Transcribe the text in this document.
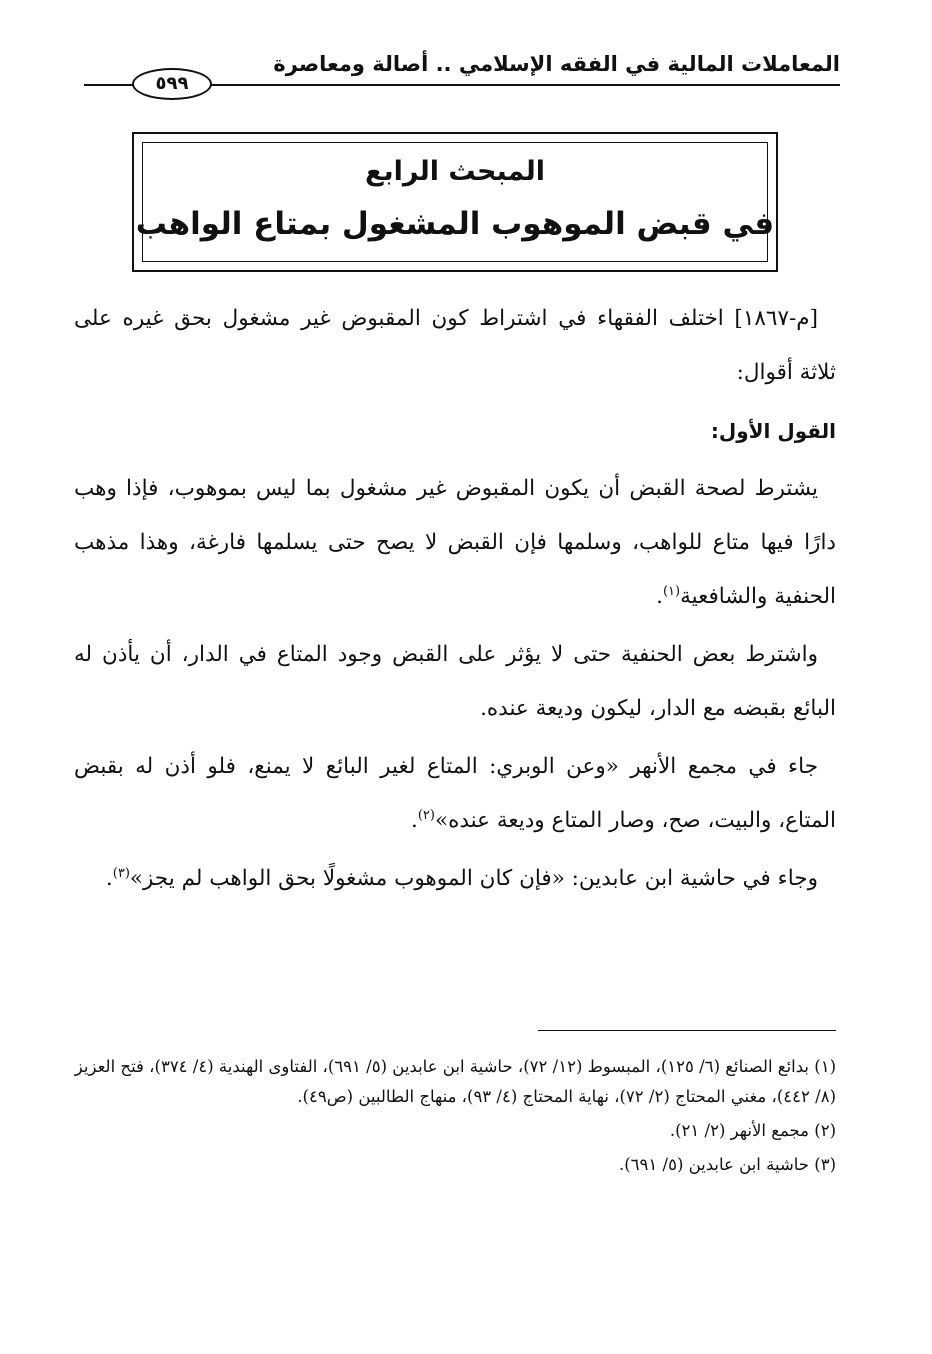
المعاملات المالية في الفقه الإسلامي .. أصالة ومعاصرة
٥٩٩
المبحث الرابع
في قبض الموهوب المشغول بمتاع الواهب

[م-١٨٦٧] اختلف الفقهاء في اشتراط كون المقبوض غير مشغول بحق غيره على ثلاثة أقوال:

القول الأول:

يشترط لصحة القبض أن يكون المقبوض غير مشغول بما ليس بموهوب، فإذا وهب دارًا فيها متاع للواهب، وسلمها فإن القبض لا يصح حتى يسلمها فارغة، وهذا مذهب الحنفية والشافعية$^{(١)}$.

واشترط بعض الحنفية حتى لا يؤثر على القبض وجود المتاع في الدار، أن يأذن له البائع بقبضه مع الدار، ليكون وديعة عنده.

جاء في مجمع الأنهر «وعن الوبري: المتاع لغير البائع لا يمنع، فلو أذن له بقبض المتاع، والبيت، صح، وصار المتاع وديعة عنده»$^{(٢)}$.

وجاء في حاشية ابن عابدين: «فإن كان الموهوب مشغولًا بحق الواهب لم يجز»$^{(٣)}$.

(١) بدائع الصنائع (٦/ ١٢٥)، المبسوط (١٢/ ٧٢)، حاشية ابن عابدين (٥/ ٦٩١)، الفتاوى الهندية (٤/ ٣٧٤)، فتح العزيز (٨/ ٤٤٢)، مغني المحتاج (٢/ ٧٢)، نهاية المحتاج (٤/ ٩٣)، منهاج الطالبين (ص٤٩).

(٢) مجمع الأنهر (٢/ ٢١).

(٣) حاشية ابن عابدين (٥/ ٦٩١).
